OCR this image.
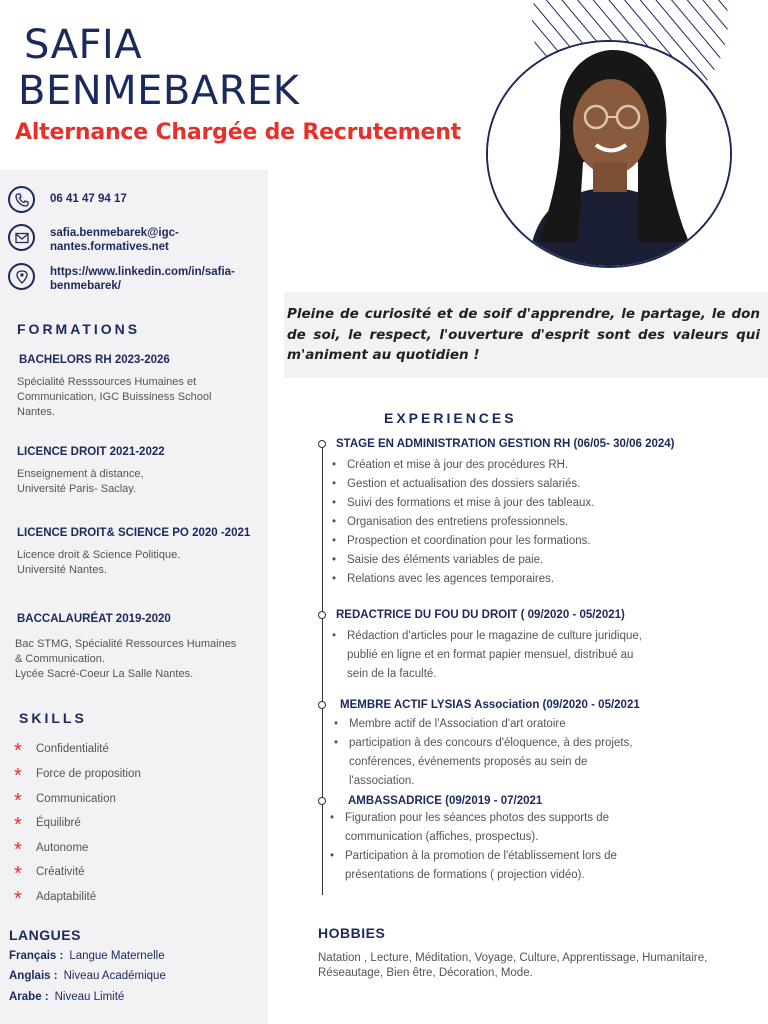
SAFIA
BENMEBAREK
Alternance Chargée de Recrutement
06 41 47 94 17
safia.benmebarek@igc-
nantes.formatives.net
https://www.linkedin.com/in/safia-
benmebarek/
FORMATIONS
BACHELORS RH 2023-2026
Spécialité Resssources Humaines et
Communication, IGC Buissiness School
Nantes.
LICENCE DROIT 2021-2022
Enseignement à distance,
Université Paris- Saclay.
LICENCE DROIT& SCIENCE PO 2020 -2021
Licence droit & Science Politique.
Université Nantes.
BACCALAURÉAT 2019-2020
Bac STMG, Spécialité Ressources Humaines
& Communication.
Lycée Sacré-Coeur La Salle Nantes.
SKILLS
* Confidentialité
* Force de proposition
* Communication
* Équilibré
* Autonome
* Créativité
* Adaptabilité
LANGUES
Français : Langue Maternelle
Anglais : Niveau Académique
Arabe : Niveau Limité

Pleine de curiosité et de soif d'apprendre, le partage, le don de soi, le respect, l'ouverture d'esprit sont des valeurs qui m'animent au quotidien !

EXPERIENCES
STAGE EN ADMINISTRATION GESTION RH (06/05- 30/06 2024)
• Création et mise à jour des procédures RH.
• Gestion et actualisation des dossiers salariés.
• Suivi des formations et mise à jour des tableaux.
• Organisation des entretiens professionnels.
• Prospection et coordination pour les formations.
• Saisie des éléments variables de paie.
• Relations avec les agences temporaires.
REDACTRICE DU FOU DU DROIT ( 09/2020 - 05/2021)
• Rédaction d'articles pour le magazine de culture juridique,
publié en ligne et en format papier mensuel, distribué au
sein de la faculté.
MEMBRE ACTIF LYSIAS Association (09/2020 - 05/2021
• Membre actif de l'Association d'art oratoire
• participation à des concours d'éloquence, à des projets,
conférences, événements proposés au sein de
l'association.
AMBASSADRICE (09/2019 - 07/2021
• Figuration pour les séances photos des supports de
communication (affiches, prospectus).
• Participation à la promotion de l'établissement lors de
présentations de formations ( projection vidéo).
HOBBIES
Natation , Lecture, Méditation, Voyage, Culture, Apprentissage, Humanitaire, Réseautage, Bien être, Décoration, Mode.
